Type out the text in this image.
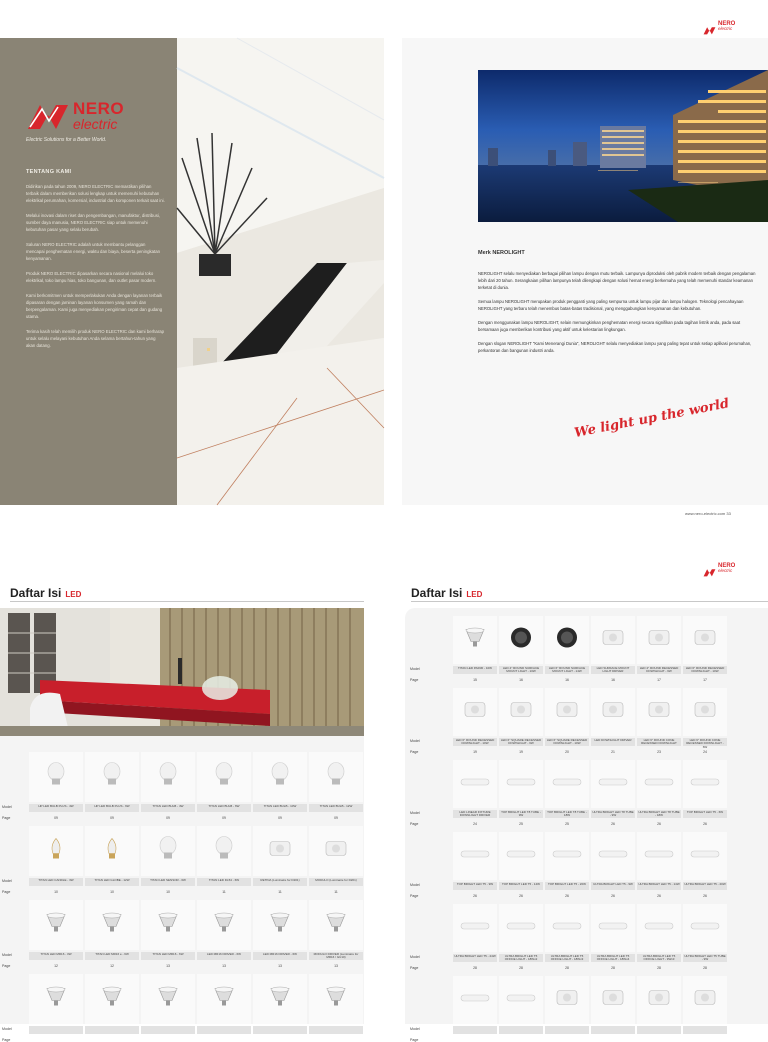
NERO
electric
Electric Solutions for a Better World.
TENTANG KAMI
Didirikan pada tahun 2009, NERO ELECTRIC memastikan pilihan terbaik dalam memberikan solusi lengkap untuk memenuhi kebutuhan elektrikal perumahan, komersial, industrial dan komponen terkait saat ini.
Melalui inovasi dalam riset dan pengembangan, manufaktur, distribusi, sumber daya manusia, NERO ELECTRIC siap untuk memenuhi kebutuhan pasar yang selalu berubah.
Saluran NERO ELECTRIC adalah untuk membantu pelanggan mencapai penghematan energi, waktu dan biaya, beserta peningkatan kenyamanan.
Produk NERO ELECTRIC dipasarkan secara nasional melalui toko elektrikal, toko lampu hias, toko bangunan, dan outlet pasar modern.
Kami berkomitmen untuk memperlakukan Anda dengan layanan terbaik dipasaran dengan jaminan layanan konsumen yang ramah dan berpengalaman. Kami juga menyediakan pengiriman cepat dan gudang utama.
Terima kasih telah memilih produk NERO ELECTRIC dan kami berharap untuk selalu melayani kebutuhan Anda selama bertahun-tahun yang akan datang.
NERO
electric
Merk NEROLIGHT
NEROLIGHT selalu menyediakan berbagai pilihan lampu dengan mutu terbaik. Lampunya diproduksi oleh pabrik modern terbaik dengan pengalaman lebih dari 20 tahun. Serangkaian pilihan lampunya telah dilengkapi dengan solusi hemat energi berkemaha yang telah memenuhi standar keamanan terketat di dunia.
Semua lampu NEROLIGHT merupakan produk pengganti yang paling sempurna untuk lampu pijar dan lampu halogen. Teknologi pencahayaan NEROLIGHT yang terbaru telah menembus batas-batas tradisional, yang menggabungkan kenyamanan dan kebutuhan.
Dengan menggunakan lampu NEROLIGHT, selain memungkinkan penghematan energi secara signifikan pada tagihan listrik anda, pada saat bersamaan juga memberikan kontribusi yang aktif untuk kelestarian lingkungan.
Dengan slogan NEROLIGHT "Kami Menerangi Dunia", NEROLIGHT selalu menyediakan lampu yang paling tepat untuk setiap aplikasi perumahan, perkantoran dan bangunan industri anda.
We light up the world
www.nero-electric.com 33
Daftar Isi LED
Model
Page
HP LED BULB PLUS - 4W
09
HP LED BULB PLUS - 6W
09
TITAN LED BULB - 4W
09
TITAN LED BULB - 6W
09
TITAN LED BULB - 10W
09
TITAN LED BULB - 12W
09
Model
Page
TITAN LED CANDLE - 3W
10
TITAN LED GLOBE - 12W
10
TITAN LED SENSOR - 6W
10
TITAN LED DL54 - 6W
11
RETINA (Luminaire for D201)
11
MODULO (Luminaire for D201)
11
Model
Page
TITAN LED MR16 - 3W
12
TITAN LED MR16 e - 6W
12
TITAN LED MR16 - 6W
13
LED MR16 DRIVER - 6W
13
LED MR16 DRIVER - 6W
13
MODULO DRIVER (Luminaire for MR16 / GU10)
13
Model
Page
NERO
electric
Daftar Isi LED
Model
Page
TITAN LED PAR30 - 10W
15
LED 4" ROUND SURFACE MOUNT LIGHT - 10W
16
LED 6" ROUND SURFACE MOUNT LIGHT - 14W
16
LED SURFACE MOUNT LIGHT DRIVER
16
LED 4" ROUND RECESSED DOWNLIGHT - 6W
17
LED 6" ROUND RECESSED DOWNLIGHT - 10W
17
Model
Page
LED 6" ROUND RECESSED DOWNLIGHT - 10W
19
LED 6" SQUARE RECESSED DOWNLIGHT - 6W
19
LED 6" SQUARE RECESSED DOWNLIGHT - 10W
20
LED DOWNLIGHT DRIVER
21
LED 6" ROUND CONE RECESSED DOWNLIGHT
23
LED 6" ROUND CONE RECESSED DOWNLIGHT - 6W
24
Model
Page
LED LINEAR FIXTURE DOWNLIGHT DRIVER
24
TOP BRIGHT LED T8 TUBE - 9W
25
TOP BRIGHT LED T8 TUBE - 18W
25
ULTRA BRIGHT LED T8 TUBE - 9W
26
ULTRA BRIGHT LED T8 TUBE - 18W
26
TOP BRIGHT LED T5 - 6W
26
Model
Page
TOP BRIGHT LED T5 - 9W
26
TOP BRIGHT LED T5 - 14W
26
TOP BRIGHT LED T5 - 20W
26
ULTRA BRIGHT LED T5 - 9W
26
ULTRA BRIGHT LED T5 - 14W
26
ULTRA BRIGHT LED T5 - 20W
26
Model
Page
ULTRA BRIGHT LED T5 - 24W
28
ULTRA BRIGHT LED T5 OFFICE LIGHT - 18Wx2
28
ULTRA BRIGHT LED T5 OFFICE LIGHT - 18Wx3
28
ULTRA BRIGHT LED T5 OFFICE LIGHT - 18Wx4
28
ULTRA BRIGHT LED T5 OFFICE LIGHT - 9Wx3
28
ULTRA BRIGHT LED T5 TUBE - 9W
28
Model
Page
